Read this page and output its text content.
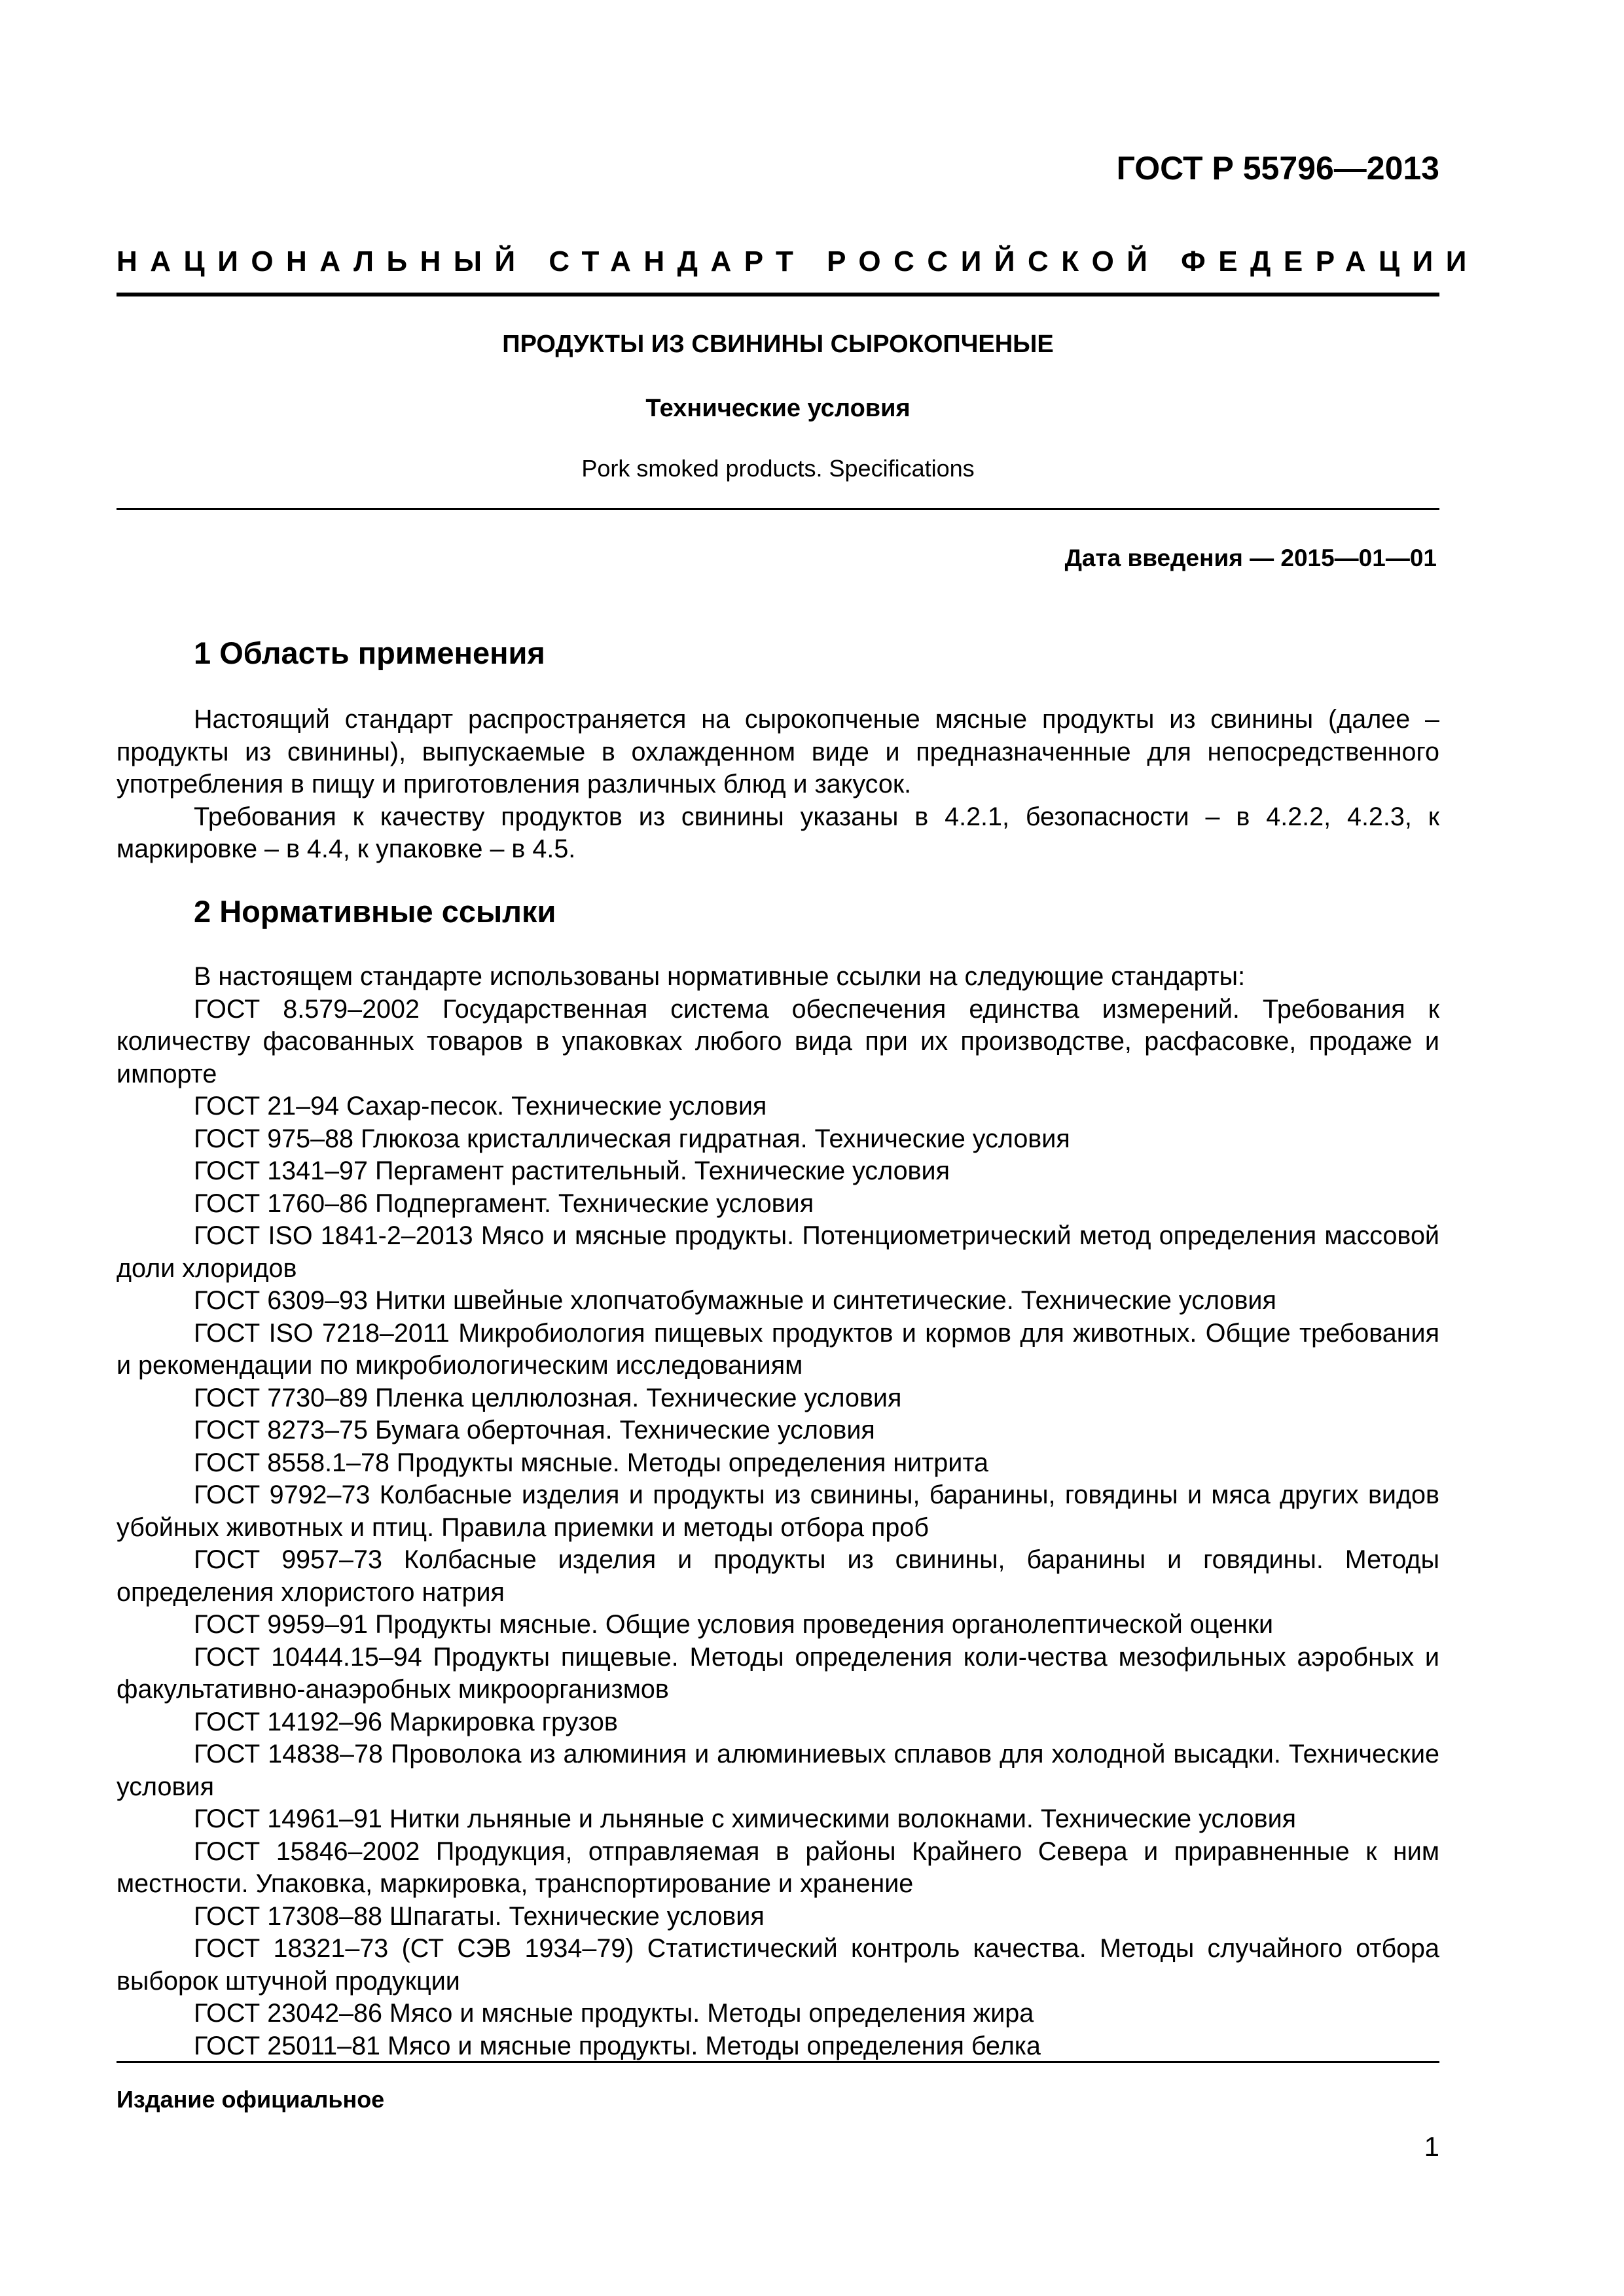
ГОСТ Р 55796—2013
НАЦИОНАЛЬНЫЙ СТАНДАРТ РОССИЙСКОЙ ФЕДЕРАЦИИ
ПРОДУКТЫ ИЗ СВИНИНЫ СЫРОКОПЧЕНЫЕ
Технические условия
Pork smoked products. Specifications
Дата введения — 2015—01—01
1 Область применения

Настоящий стандарт распространяется на сырокопченые мясные продукты из свинины (далее – продукты из свинины), выпускаемые в охлажденном виде и предназначенные для непосредственного употребления в пищу и приготовления различных блюд и закусок.

Требования к качеству продуктов из свинины указаны в 4.2.1, безопасности – в 4.2.2, 4.2.3, к маркировке – в 4.4, к упаковке – в 4.5.

2 Нормативные ссылки

В настоящем стандарте использованы нормативные ссылки на следующие стандарты:

ГОСТ 8.579–2002 Государственная система обеспечения единства измерений. Требования к количеству фасованных товаров в упаковках любого вида при их производстве, расфасовке, продаже и импорте
ГОСТ 21–94 Сахар-песок. Технические условия
ГОСТ 975–88 Глюкоза кристаллическая гидратная. Технические условия
ГОСТ 1341–97 Пергамент растительный. Технические условия
ГОСТ 1760–86 Подпергамент. Технические условия
ГОСТ ISO 1841-2–2013 Мясо и мясные продукты. Потенциометрический метод определения массовой доли хлоридов
ГОСТ 6309–93 Нитки швейные хлопчатобумажные и синтетические. Технические условия
ГОСТ ISO 7218–2011 Микробиология пищевых продуктов и кормов для животных. Общие требования и рекомендации по микробиологическим исследованиям
ГОСТ 7730–89 Пленка целлюлозная. Технические условия
ГОСТ 8273–75 Бумага оберточная. Технические условия
ГОСТ 8558.1–78 Продукты мясные. Методы определения нитрита
ГОСТ 9792–73 Колбасные изделия и продукты из свинины, баранины, говядины и мяса других видов убойных животных и птиц. Правила приемки и методы отбора проб
ГОСТ 9957–73 Колбасные изделия и продукты из свинины, баранины и говядины. Методы определения хлористого натрия
ГОСТ 9959–91 Продукты мясные. Общие условия проведения органолептической оценки
ГОСТ 10444.15–94 Продукты пищевые. Методы определения коли-чества мезофильных аэробных и факультативно-анаэробных микроорганизмов
ГОСТ 14192–96 Маркировка грузов
ГОСТ 14838–78 Проволока из алюминия и алюминиевых сплавов для холодной высадки. Технические условия
ГОСТ 14961–91 Нитки льняные и льняные с химическими волокнами. Технические условия
ГОСТ 15846–2002 Продукция, отправляемая в районы Крайнего Севера и приравненные к ним местности. Упаковка, маркировка, транспортирование и хранение
ГОСТ 17308–88 Шпагаты. Технические условия
ГОСТ 18321–73 (СТ СЭВ 1934–79) Статистический контроль качества. Методы случайного отбора выборок штучной продукции
ГОСТ 23042–86 Мясо и мясные продукты. Методы определения жира
ГОСТ 25011–81 Мясо и мясные продукты. Методы определения белка
Издание официальное
1
